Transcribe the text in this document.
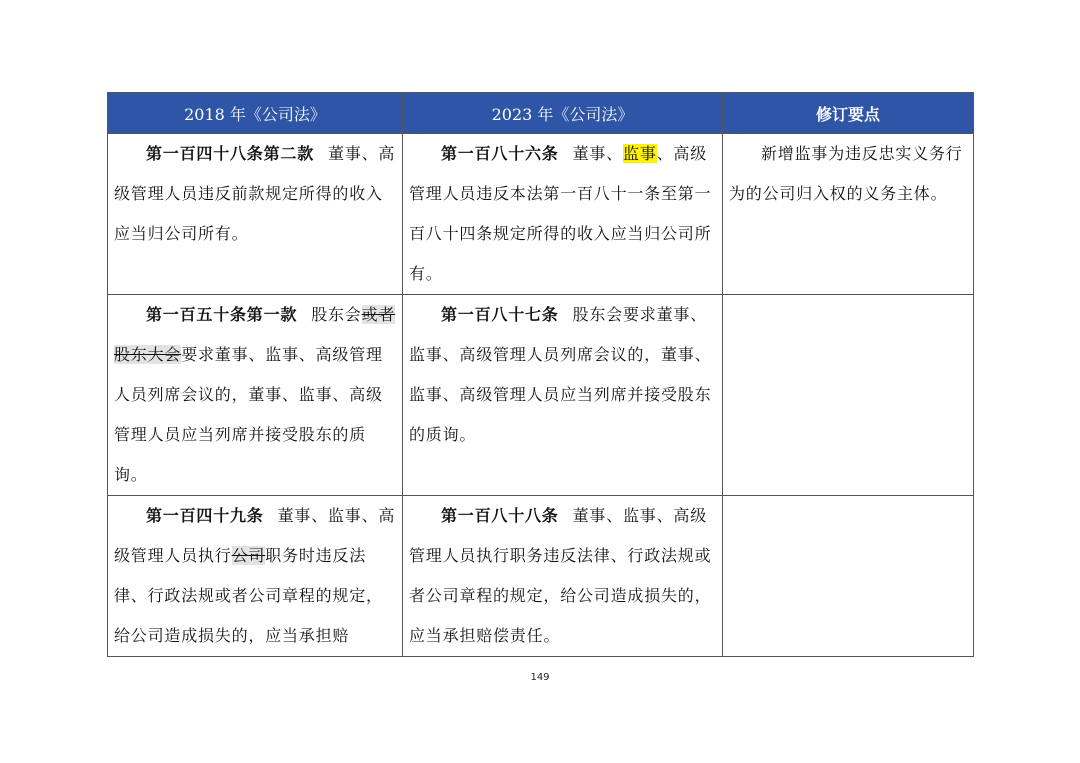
2018 年《公司法》	2023 年《公司法》	修订要点
第一百四十八条第二款 董事、高级管理人员违反前款规定所得的收入应当归公司所有。	第一百八十六条 董事、监事、高级管理人员违反本法第一百八十一条至第一百八十四条规定所得的收入应当归公司所有。	新增监事为违反忠实义务行为的公司归入权的义务主体。
第一百五十条第一款 股东会或者股东大会要求董事、监事、高级管理人员列席会议的，董事、监事、高级管理人员应当列席并接受股东的质询。	第一百八十七条 股东会要求董事、监事、高级管理人员列席会议的，董事、监事、高级管理人员应当列席并接受股东的质询。	
第一百四十九条 董事、监事、高级管理人员执行公司职务时违反法律、行政法规或者公司章程的规定，给公司造成损失的，应当承担赔	第一百八十八条 董事、监事、高级管理人员执行职务违反法律、行政法规或者公司章程的规定，给公司造成损失的，应当承担赔偿责任。	
149
